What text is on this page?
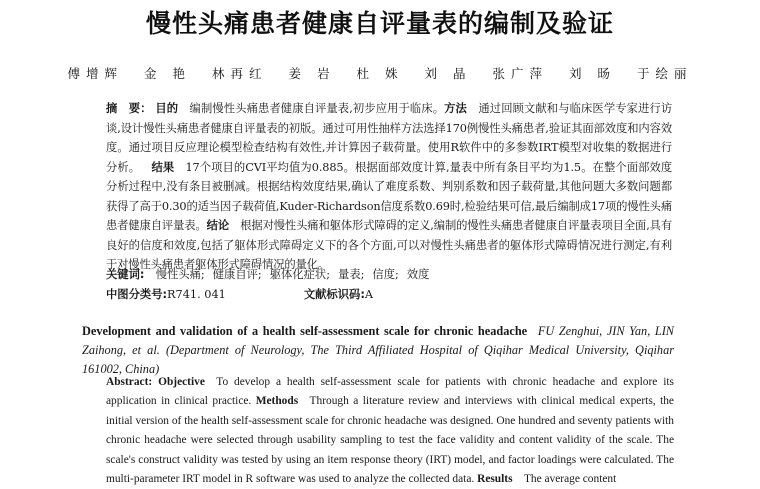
慢性头痛患者健康自评量表的编制及验证
傅增辉 金 艳 林再红 姜 岩 杜 姝 刘 晶 张广萍 刘 旸 于绘丽
摘　要： 目的  编制慢性头痛患者健康自评量表,初步应用于临床。方法  通过回顾文献和与临床医学专家进行访谈,设计慢性头痛患者健康自评量表的初版。通过可用性抽样方法选择170例慢性头痛患者,验证其面部效度和内容效度。通过项目反应理论模型检查结构有效性,并计算因子载荷量。使用R软件中的多参数IRT模型对收集的数据进行分析。  结果  17个项目的CVI平均值为0.885。根据面部效度计算,量表中所有条目平均为1.5。在整个面部效度分析过程中,没有条目被删减。根据结构效度结果,确认了难度系数、判别系数和因子载荷量,其他问题大多数问题都获得了高于0.30的适当因子载荷值,Kuder-Richardson信度系数0.69时,检验结果可信,最后编制成17项的慢性头痛患者健康自评量表。结论  根据对慢性头痛和躯体形式障碍的定义,编制的慢性头痛患者健康自评量表项目全面,具有良好的信度和效度,包括了躯体形式障碍定义下的各个方面,可以对慢性头痛患者的躯体形式障碍情况进行测定,有利于对慢性头痛患者躯体形式障碍情况的量化。
关键词:  慢性头痛; 健康自评; 躯体化症状; 量表; 信度; 效度
中图分类号:R741. 041	文献标识码:A
Development and validation of a health self-assessment scale for chronic headache  FU Zenghui, JIN Yan, LIN Zaihong, et al. (Department of Neurology, The Third Affiliated Hospital of Qiqihar Medical University, Qiqihar 161002, China)
Abstract: Objective  To develop a health self-assessment scale for patients with chronic headache and explore its application in clinical practice. Methods  Through a literature review and interviews with clinical medical experts, the initial version of the health self-assessment scale for chronic headache was designed. One hundred and seventy patients with chronic headache were selected through usability sampling to test the face validity and content validity of the scale. The scale's construct validity was tested by using an item response theory (IRT) model, and factor loadings were calculated. The multi-parameter IRT model in R software was used to analyze the collected data. Results  The average content
